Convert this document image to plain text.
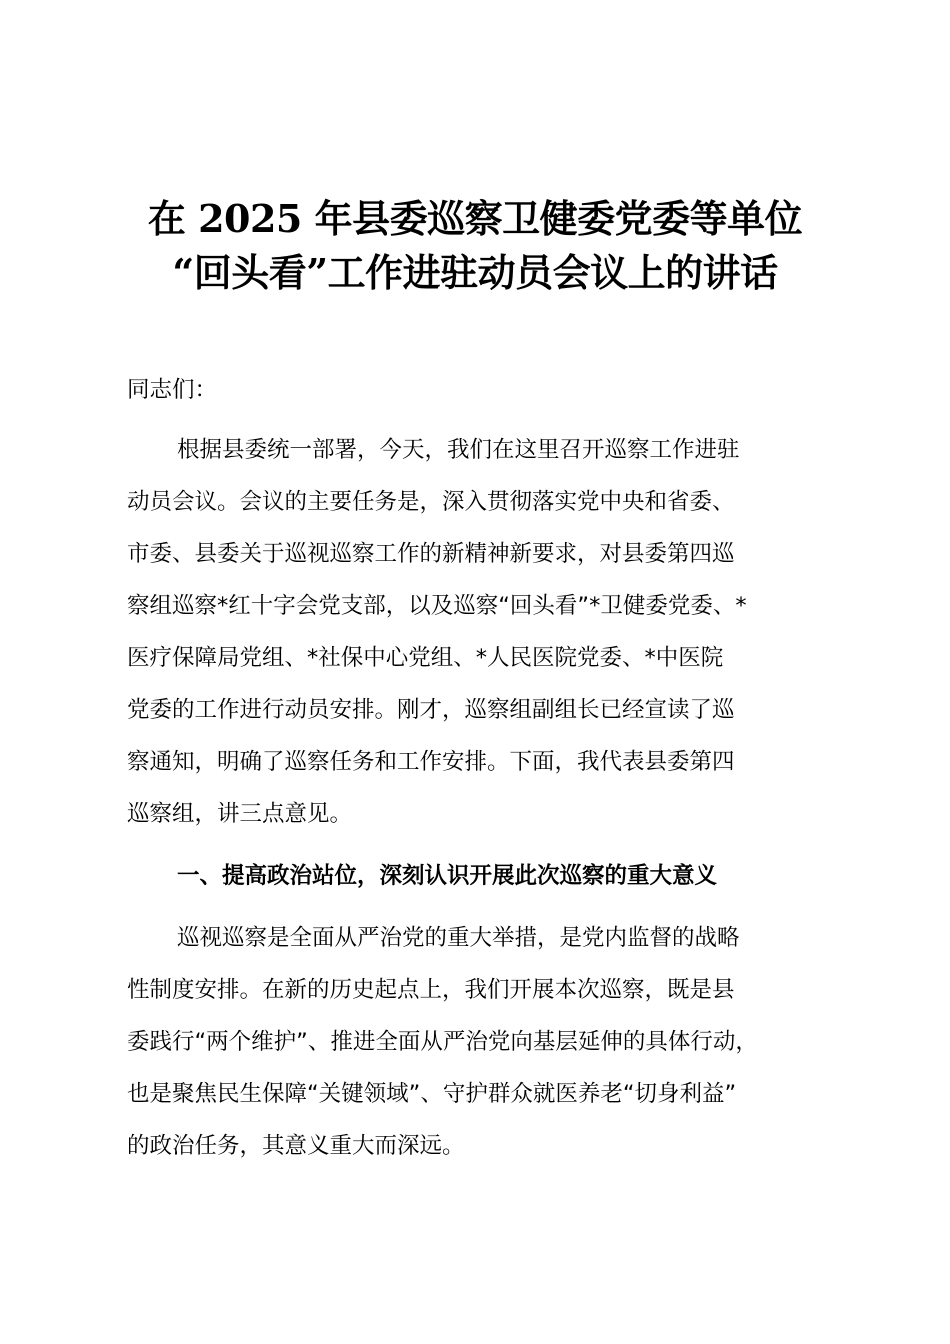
在 2025 年县委巡察卫健委党委等单位
“回头看”工作进驻动员会议上的讲话
同志们：
根据县委统一部署，今天，我们在这里召开巡察工作进驻
动员会议。会议的主要任务是，深入贯彻落实党中央和省委、
市委、县委关于巡视巡察工作的新精神新要求，对县委第四巡
察组巡察*红十字会党支部，以及巡察“回头看”*卫健委党委、*
医疗保障局党组、*社保中心党组、*人民医院党委、*中医院
党委的工作进行动员安排。刚才，巡察组副组长已经宣读了巡
察通知，明确了巡察任务和工作安排。下面，我代表县委第四
巡察组，讲三点意见。
一、提高政治站位，深刻认识开展此次巡察的重大意义
巡视巡察是全面从严治党的重大举措，是党内监督的战略
性制度安排。在新的历史起点上，我们开展本次巡察，既是县
委践行“两个维护”、推进全面从严治党向基层延伸的具体行动，
也是聚焦民生保障“关键领域”、守护群众就医养老“切身利益”
的政治任务，其意义重大而深远。
